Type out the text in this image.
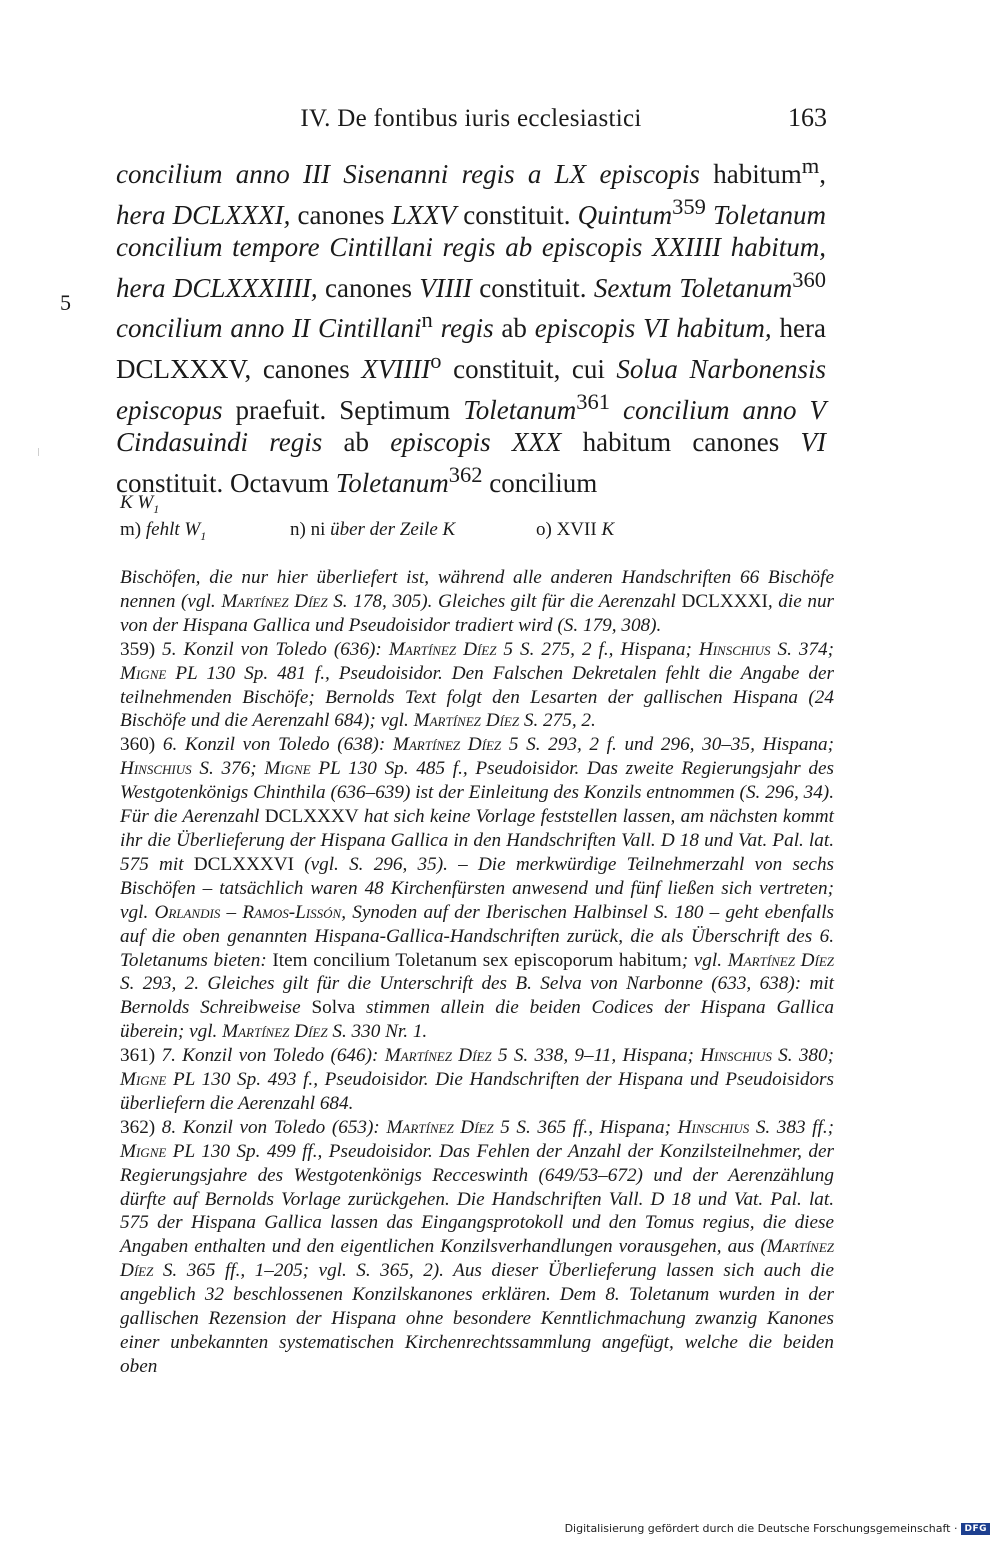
IV. De fontibus iuris ecclesiastici	163
5

concilium anno III Sisenanni regis a LX episcopis habitum$^m$, hera DCLXXXI, canones LXXV constituit. Quintum$^{359}$ Toletanum concilium tempore Cintillani regis ab episcopis XXIIII habitum, hera DCLXXXIIII, canones VIIII constituit. Sextum Toletanum$^{360}$ concilium anno II Cintillani$^n$ regis ab episcopis VI habitum, hera DCLXXXV, canones XVIIII$^o$ constituit, cui Solua Narbonensis episcopus praefuit. Septimum Toletanum$^{361}$ concilium anno V Cindasuindi regis ab episcopis XXX habitum canones VI constituit. Octavum Toletanum$^{362}$ concilium

K $W_1$
m) fehlt $W_1$	n) ni über der Zeile K	o) XVII K

Bischöfen, die nur hier überliefert ist, während alle anderen Handschriften 66 Bischöfe nennen (vgl. Martínez Díez S. 178, 305). Gleiches gilt für die Aerenzahl DCLXXXI, die nur von der Hispana Gallica und Pseudoisidor tradiert wird (S. 179, 308).

359) 5. Konzil von Toledo (636): Martínez Díez 5 S. 275, 2 f., Hispana; Hinschius S. 374; Migne PL 130 Sp. 481 f., Pseudoisidor. Den Falschen Dekretalen fehlt die Angabe der teilnehmenden Bischöfe; Bernolds Text folgt den Lesarten der gallischen Hispana (24 Bischöfe und die Aerenzahl 684); vgl. Martínez Díez S. 275, 2.

360) 6. Konzil von Toledo (638): Martínez Díez 5 S. 293, 2 f. und 296, 30–35, Hispana; Hinschius S. 376; Migne PL 130 Sp. 485 f., Pseudoisidor. Das zweite Regierungsjahr des Westgotenkönigs Chinthila (636–639) ist der Einleitung des Konzils entnommen (S. 296, 34). Für die Aerenzahl DCLXXXV hat sich keine Vorlage feststellen lassen, am nächsten kommt ihr die Überlieferung der Hispana Gallica in den Handschriften Vall. D 18 und Vat. Pal. lat. 575 mit DCLXXXVI (vgl. S. 296, 35). – Die merkwürdige Teilnehmerzahl von sechs Bischöfen – tatsächlich waren 48 Kirchenfürsten anwesend und fünf ließen sich vertreten; vgl. Orlandis – Ramos-Lissón, Synoden auf der Iberischen Halbinsel S. 180 – geht ebenfalls auf die oben genannten Hispana-Gallica-Handschriften zurück, die als Überschrift des 6. Toletanums bieten: Item concilium Toletanum sex episcoporum habitum; vgl. Martínez Díez S. 293, 2. Gleiches gilt für die Unterschrift des B. Selva von Narbonne (633, 638): mit Bernolds Schreibweise Solva stimmen allein die beiden Codices der Hispana Gallica überein; vgl. Martínez Díez S. 330 Nr. 1.

361) 7. Konzil von Toledo (646): Martínez Díez 5 S. 338, 9–11, Hispana; Hinschius S. 380; Migne PL 130 Sp. 493 f., Pseudoisidor. Die Handschriften der Hispana und Pseudoisidors überliefern die Aerenzahl 684.

362) 8. Konzil von Toledo (653): Martínez Díez 5 S. 365 ff., Hispana; Hinschius S. 383 ff.; Migne PL 130 Sp. 499 ff., Pseudoisidor. Das Fehlen der Anzahl der Konzilsteilnehmer, der Regierungsjahre des Westgotenkönigs Recceswinth (649/53–672) und der Aerenzählung dürfte auf Bernolds Vorlage zurückgehen. Die Handschriften Vall. D 18 und Vat. Pal. lat. 575 der Hispana Gallica lassen das Eingangsprotokoll und den Tomus regius, die diese Angaben enthalten und den eigentlichen Konzilsverhandlungen vorausgehen, aus (Martínez Díez S. 365 ff., 1–205; vgl. S. 365, 2). Aus dieser Überlieferung lassen sich auch die angeblich 32 beschlossenen Konzilskanones erklären. Dem 8. Toletanum wurden in der gallischen Rezension der Hispana ohne besondere Kenntlichmachung zwanzig Kanones einer unbekannten systematischen Kirchenrechtssammlung angefügt, welche die beiden oben

Digitalisierung gefördert durch die Deutsche Forschungsgemeinschaft · DFG
